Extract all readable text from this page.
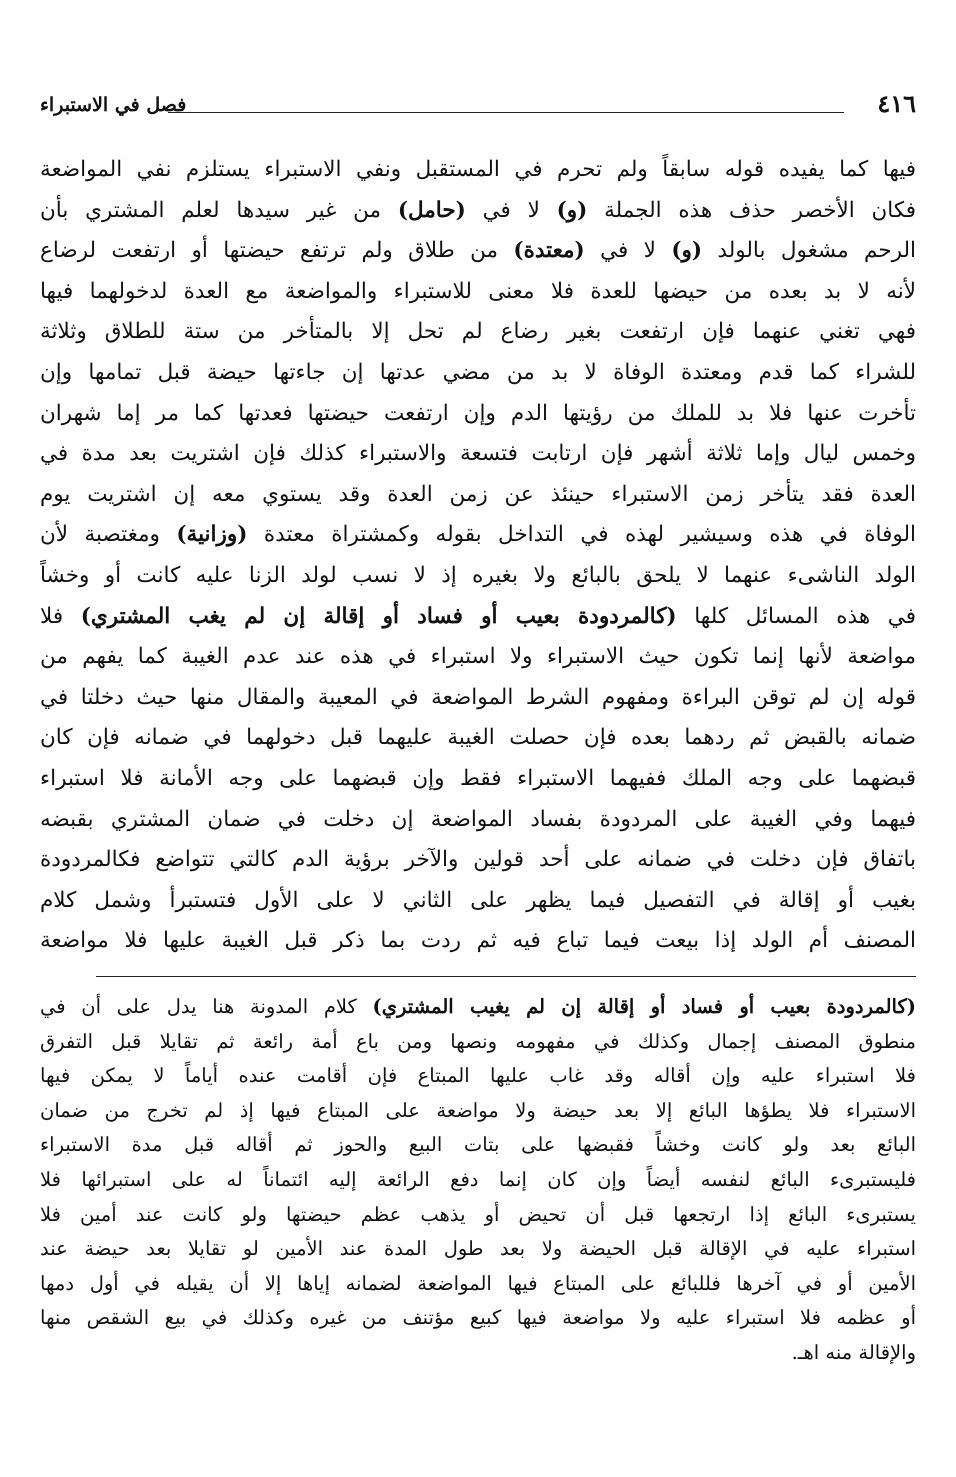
٤١٦
فصل في الاستبراء
فيها كما يفيده قوله سابقاً ولم تحرم في المستقبل ونفي الاستبراء يستلزم نفي المواضعة
فكان الأخصر حذف هذه الجملة (و) لا في (حامل) من غير سيدها لعلم المشتري بأن
الرحم مشغول بالولد (و) لا في (معتدة) من طلاق ولم ترتفع حيضتها أو ارتفعت لرضاع
لأنه لا بد بعده من حيضها للعدة فلا معنى للاستبراء والمواضعة مع العدة لدخولهما فيها
فهي تغني عنهما فإن ارتفعت بغير رضاع لم تحل إلا بالمتأخر من ستة للطلاق وثلاثة
للشراء كما قدم ومعتدة الوفاة لا بد من مضي عدتها إن جاءتها حيضة قبل تمامها وإن
تأخرت عنها فلا بد للملك من رؤيتها الدم وإن ارتفعت حيضتها فعدتها كما مر إما شهران
وخمس ليال وإما ثلاثة أشهر فإن ارتابت فتسعة والاستبراء كذلك فإن اشتريت بعد مدة في
العدة فقد يتأخر زمن الاستبراء حينئذ عن زمن العدة وقد يستوي معه إن اشتريت يوم
الوفاة في هذه وسيشير لهذه في التداخل بقوله وكمشتراة معتدة (وزانية) ومغتصبة لأن
الولد الناشىء عنهما لا يلحق بالبائع ولا بغيره إذ لا نسب لولد الزنا عليه كانت أو وخشاً
في هذه المسائل كلها (كالمردودة بعيب أو فساد أو إقالة إن لم يغب المشتري) فلا
مواضعة لأنها إنما تكون حيث الاستبراء ولا استبراء في هذه عند عدم الغيبة كما يفهم من
قوله إن لم توقن البراءة ومفهوم الشرط المواضعة في المعيبة والمقال منها حيث دخلتا في
ضمانه بالقبض ثم ردهما بعده فإن حصلت الغيبة عليهما قبل دخولهما في ضمانه فإن كان
قبضهما على وجه الملك ففيهما الاستبراء فقط وإن قبضهما على وجه الأمانة فلا استبراء
فيهما وفي الغيبة على المردودة بفساد المواضعة إن دخلت في ضمان المشتري بقبضه
باتفاق فإن دخلت في ضمانه على أحد قولين والآخر برؤية الدم كالتي تتواضع فكالمردودة
بغيب أو إقالة في التفصيل فيما يظهر على الثاني لا على الأول فتستبرأ وشمل كلام
المصنف أم الولد إذا بيعت فيما تباع فيه ثم ردت بما ذكر قبل الغيبة عليها فلا مواضعة
(كالمردودة بعيب أو فساد أو إقالة إن لم يغيب المشتري) كلام المدونة هنا يدل على أن في
منطوق المصنف إجمال وكذلك في مفهومه ونصها ومن باع أمة رائعة ثم تقايلا قبل التفرق
فلا استبراء عليه وإن أقاله وقد غاب عليها المبتاع فإن أقامت عنده أياماً لا يمكن فيها
الاستبراء فلا يطؤها البائع إلا بعد حيضة ولا مواضعة على المبتاع فيها إذ لم تخرج من ضمان
البائع بعد ولو كانت وخشاً فقبضها على بتات البيع والحوز ثم أقاله قبل مدة الاستبراء
فليستبرىء البائع لنفسه أيضاً وإن كان إنما دفع الرائعة إليه ائتماناً له على استبرائها فلا
يستبرىء البائع إذا ارتجعها قبل أن تحيض أو يذهب عظم حيضتها ولو كانت عند أمين فلا
استبراء عليه في الإقالة قبل الحيضة ولا بعد طول المدة عند الأمين لو تقايلا بعد حيضة عند
الأمين أو في آخرها فللبائع على المبتاع فيها المواضعة لضمانه إياها إلا أن يقيله في أول دمها
أو عظمه فلا استبراء عليه ولا مواضعة فيها كبيع مؤتنف من غيره وكذلك في بيع الشقص منها
والإقالة منه اهـ.
